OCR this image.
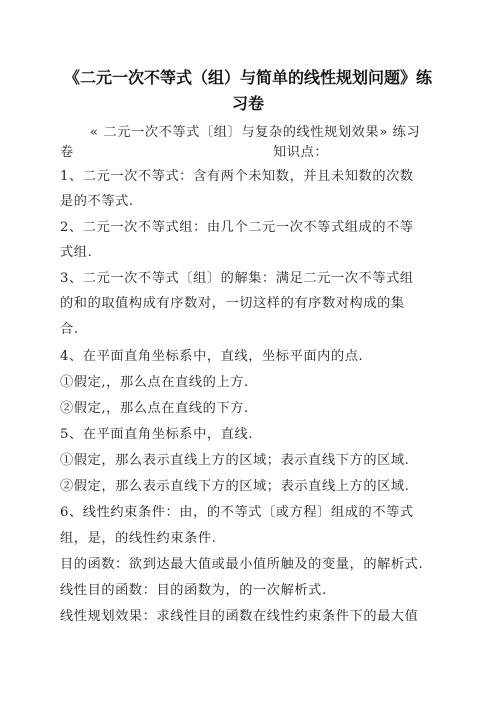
《二元一次不等式（组）与简单的线性规划问题》练
习卷
« 二元一次不等式〔组〕与复杂的线性规划效果» 练习
卷	知识点：
1、二元一次不等式：含有两个未知数，并且未知数的次数
是的不等式.
2、二元一次不等式组：由几个二元一次不等式组成的不等
式组.
3、二元一次不等式〔组〕的解集：满足二元一次不等式组
的和的取值构成有序数对，一切这样的有序数对构成的集
合.
4、在平面直角坐标系中，直线，坐标平面内的点.
①假定,，那么点在直线的上方.
②假定,，那么点在直线的下方.
5、在平面直角坐标系中，直线.
①假定，那么表示直线上方的区域；表示直线下方的区域.
②假定，那么表示直线下方的区域；表示直线上方的区域.
6、线性约束条件：由，的不等式〔或方程〕组成的不等式
组，是，的线性约束条件.
目的函数：欲到达最大值或最小值所触及的变量，的解析式.
线性目的函数：目的函数为，的一次解析式.
线性规划效果：求线性目的函数在线性约束条件下的最大值
